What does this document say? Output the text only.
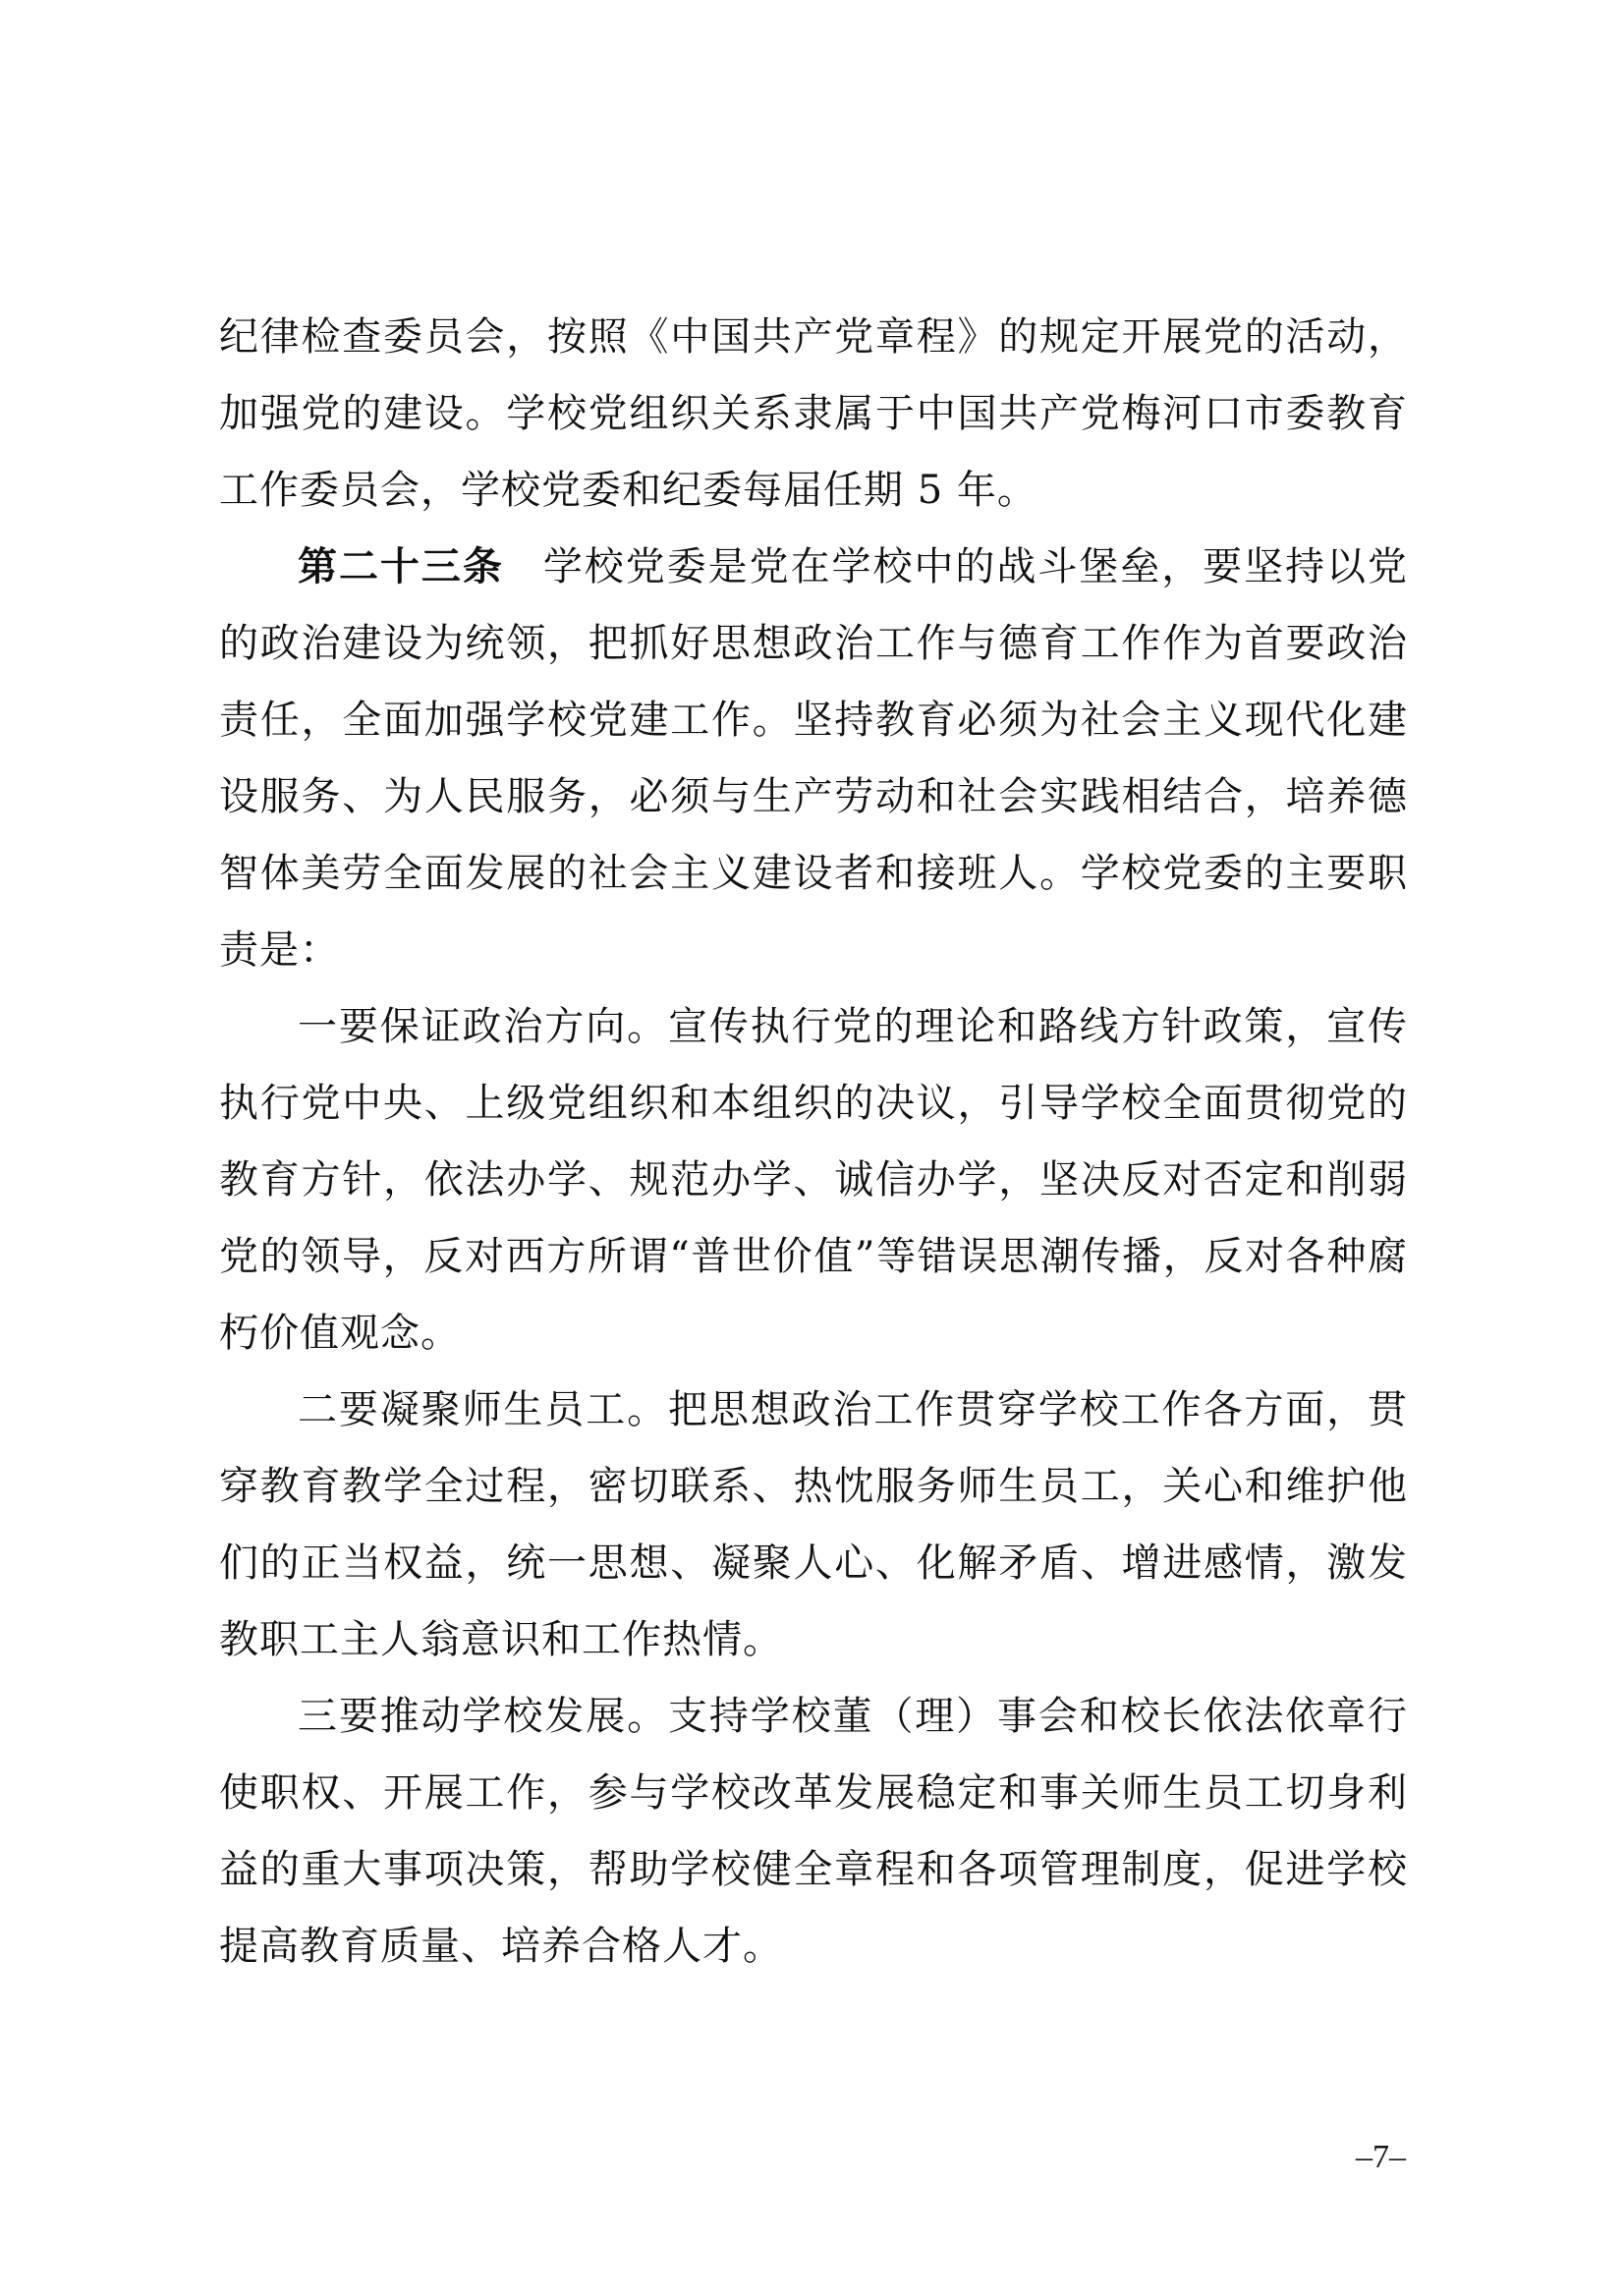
纪律检查委员会，按照《中国共产党章程》的规定开展党的活动，加强党的建设。学校党组织关系隶属于中国共产党梅河口市委教育工作委员会，学校党委和纪委每届任期 5 年。

第二十三条 学校党委是党在学校中的战斗堡垒，要坚持以党的政治建设为统领，把抓好思想政治工作与德育工作作为首要政治责任，全面加强学校党建工作。坚持教育必须为社会主义现代化建设服务、为人民服务，必须与生产劳动和社会实践相结合，培养德智体美劳全面发展的社会主义建设者和接班人。学校党委的主要职责是：

一要保证政治方向。宣传执行党的理论和路线方针政策，宣传执行党中央、上级党组织和本组织的决议，引导学校全面贯彻党的教育方针，依法办学、规范办学、诚信办学，坚决反对否定和削弱党的领导，反对西方所谓“普世价值”等错误思潮传播，反对各种腐朽价值观念。

二要凝聚师生员工。把思想政治工作贯穿学校工作各方面，贯穿教育教学全过程，密切联系、热忱服务师生员工，关心和维护他们的正当权益，统一思想、凝聚人心、化解矛盾、增进感情，激发教职工主人翁意识和工作热情。

三要推动学校发展。支持学校董（理）事会和校长依法依章行使职权、开展工作，参与学校改革发展稳定和事关师生员工切身利益的重大事项决策，帮助学校健全章程和各项管理制度，促进学校提高教育质量、培养合格人才。

–7–
